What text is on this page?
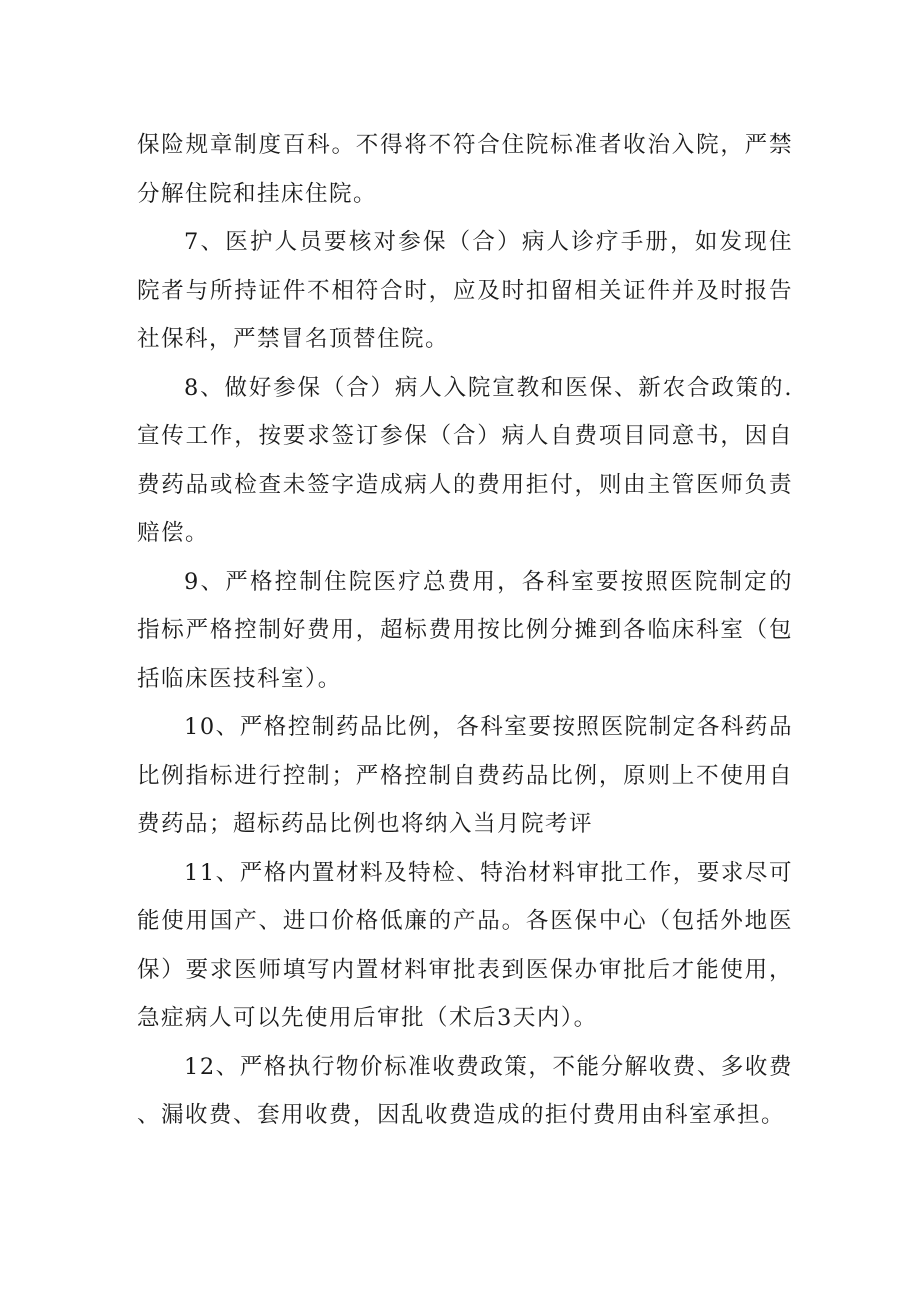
保险规章制度百科。不得将不符合住院标准者收治入院，严禁分解住院和挂床住院。

7、医护人员要核对参保（合）病人诊疗手册，如发现住院者与所持证件不相符合时，应及时扣留相关证件并及时报告社保科，严禁冒名顶替住院。

8、做好参保（合）病人入院宣教和医保、新农合政策的.宣传工作，按要求签订参保（合）病人自费项目同意书，因自费药品或检查未签字造成病人的费用拒付，则由主管医师负责赔偿。

9、严格控制住院医疗总费用，各科室要按照医院制定的指标严格控制好费用，超标费用按比例分摊到各临床科室（包括临床医技科室）。

10、严格控制药品比例，各科室要按照医院制定各科药品比例指标进行控制；严格控制自费药品比例，原则上不使用自费药品；超标药品比例也将纳入当月院考评

11、严格内置材料及特检、特治材料审批工作，要求尽可能使用国产、进口价格低廉的产品。各医保中心（包括外地医保）要求医师填写内置材料审批表到医保办审批后才能使用，急症病人可以先使用后审批（术后3天内）。

12、严格执行物价标准收费政策，不能分解收费、多收费、漏收费、套用收费，因乱收费造成的拒付费用由科室承担。
